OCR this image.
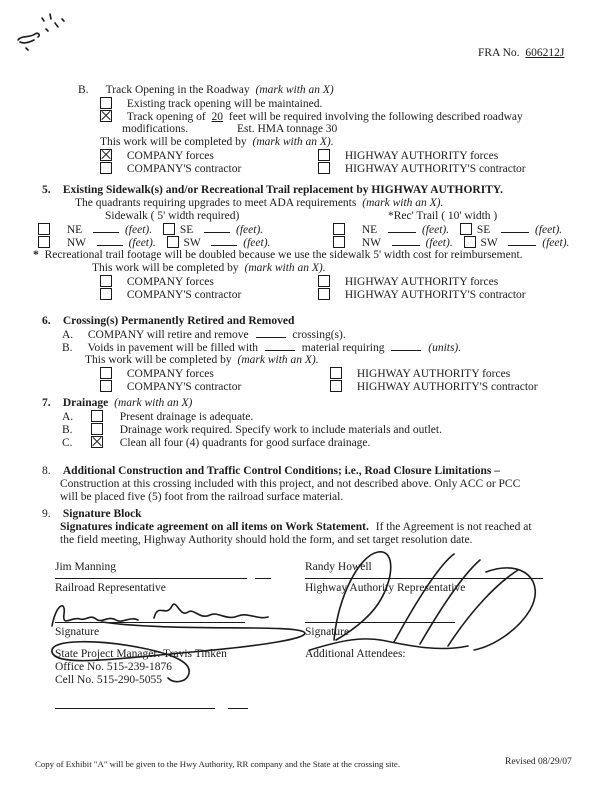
FRA No. 606212J
B. Track Opening in the Roadway (mark with an X)
Existing track opening will be maintained.
Track opening of 20 feet will be required involving the following described roadway
modifications.	Est. HMA tonnage 30
This work will be completed by (mark with an X).
COMPANY forces	HIGHWAY AUTHORITY forces
COMPANY'S contractor	HIGHWAY AUTHORITY'S contractor
5. Existing Sidewalk(s) and/or Recreational Trail replacement by HIGHWAY AUTHORITY.
The quadrants requiring upgrades to meet ADA requirements (mark with an X).
Sidewalk ( 5' width required)	*Rec' Trail ( 10' width )
NE	(feet). SE	(feet).	NE	(feet). SE	(feet).
NW	(feet). SW	(feet).	NW	(feet). SW	(feet).
* Recreational trail footage will be doubled because we use the sidewalk 5' width cost for reimbursement.
This work will be completed by (mark with an X).
COMPANY forces	HIGHWAY AUTHORITY forces
COMPANY'S contractor	HIGHWAY AUTHORITY'S contractor
6. Crossing(s) Permanently Retired and Removed
A. COMPANY will retire and remove	crossing(s).
B. Voids in pavement will be filled with	material requiring	(units).
This work will be completed by (mark with an X).
COMPANY forces	HIGHWAY AUTHORITY forces
COMPANY'S contractor	HIGHWAY AUTHORITY'S contractor
7. Drainage (mark with an X)
A.	Present drainage is adequate.
B.	Drainage work required. Specify work to include materials and outlet.
C.	Clean all four (4) quadrants for good surface drainage.
8. Additional Construction and Traffic Control Conditions; i.e., Road Closure Limitations –
Construction at this crossing included with this project, and not described above. Only ACC or PCC
will be placed five (5) foot from the railroad surface material.
9. Signature Block
Signatures indicate agreement on all items on Work Statement. If the Agreement is not reached at
the field meeting, Highway Authority should hold the form, and set target resolution date.
Jim Manning	Randy Howell
Railroad Representative	Highway Authority Representative
Signature	Signature
State Project Manager: Travis Tinken
Office No. 515-239-1876
Cell No. 515-290-5055
Additional Attendees:
Copy of Exhibit "A" will be given to the Hwy Authority, RR company and the State at the crossing site.	Revised 08/29/07
